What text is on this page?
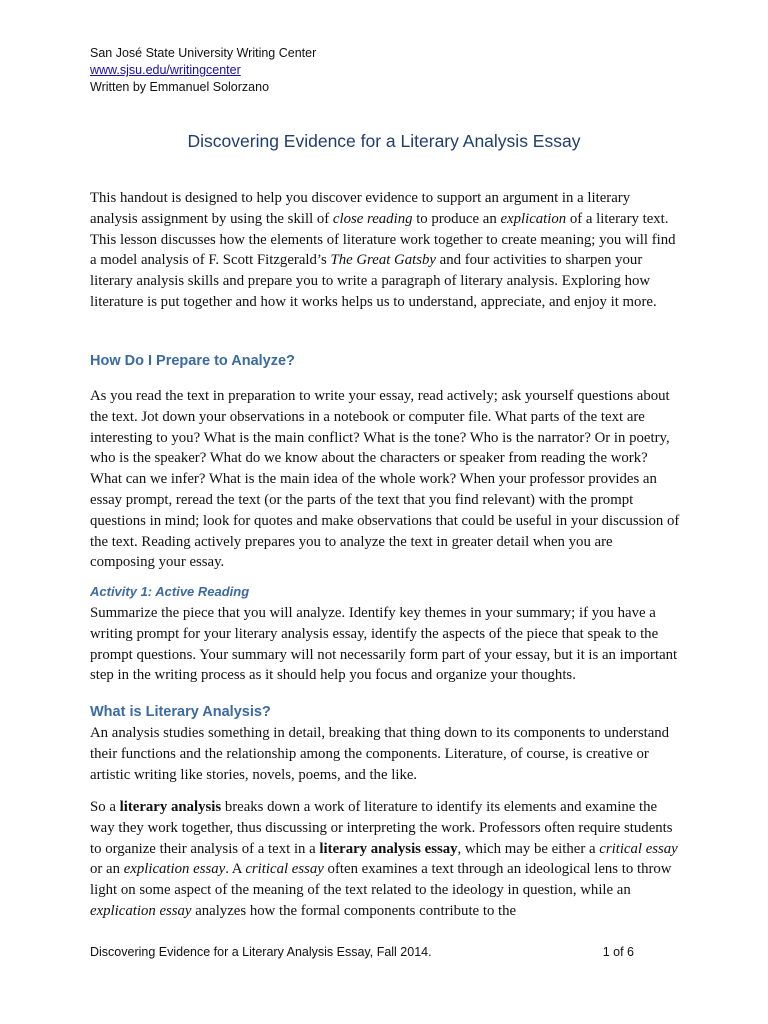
San José State University Writing Center
www.sjsu.edu/writingcenter
Written by Emmanuel Solorzano
Discovering Evidence for a Literary Analysis Essay

This handout is designed to help you discover evidence to support an argument in a literary analysis assignment by using the skill of close reading to produce an explication of a literary text. This lesson discusses how the elements of literature work together to create meaning; you will find a model analysis of F. Scott Fitzgerald’s The Great Gatsby and four activities to sharpen your literary analysis skills and prepare you to write a paragraph of literary analysis. Exploring how literature is put together and how it works helps us to understand, appreciate, and enjoy it more.

How Do I Prepare to Analyze?

As you read the text in preparation to write your essay, read actively; ask yourself questions about the text. Jot down your observations in a notebook or computer file. What parts of the text are interesting to you? What is the main conflict? What is the tone? Who is the narrator? Or in poetry, who is the speaker? What do we know about the characters or speaker from reading the work? What can we infer? What is the main idea of the whole work? When your professor provides an essay prompt, reread the text (or the parts of the text that you find relevant) with the prompt questions in mind; look for quotes and make observations that could be useful in your discussion of the text. Reading actively prepares you to analyze the text in greater detail when you are composing your essay.

Activity 1: Active Reading

Summarize the piece that you will analyze. Identify key themes in your summary; if you have a writing prompt for your literary analysis essay, identify the aspects of the piece that speak to the prompt questions. Your summary will not necessarily form part of your essay, but it is an important step in the writing process as it should help you focus and organize your thoughts.

What is Literary Analysis?

An analysis studies something in detail, breaking that thing down to its components to understand their functions and the relationship among the components. Literature, of course, is creative or artistic writing like stories, novels, poems, and the like.

So a literary analysis breaks down a work of literature to identify its elements and examine the way they work together, thus discussing or interpreting the work. Professors often require students to organize their analysis of a text in a literary analysis essay, which may be either a critical essay or an explication essay. A critical essay often examines a text through an ideological lens to throw light on some aspect of the meaning of the text related to the ideology in question, while an explication essay analyzes how the formal components contribute to the

Discovering Evidence for a Literary Analysis Essay, Fall 2014.	1 of 6
